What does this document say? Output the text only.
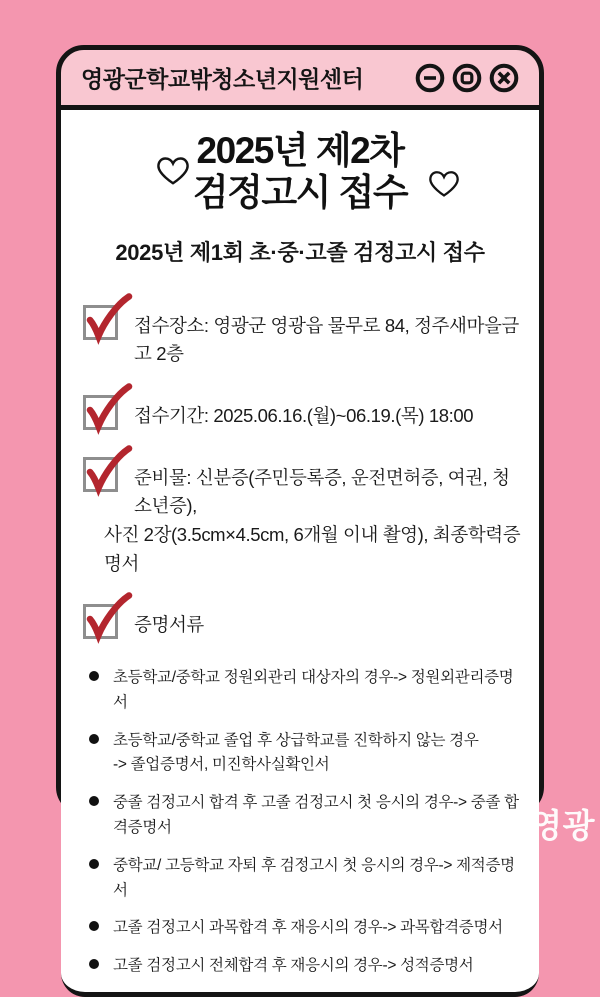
영광군학교밖청소년지원센터
2025년 제2차
검정고시 접수
2025년 제1회 초·중·고졸 검정고시 접수
접수장소: 영광군 영광읍 물무로 84, 정주새마을금고 2층
접수기간: 2025.06.16.(월)~06.19.(목) 18:00
준비물: 신분증(주민등록증, 운전면허증, 여권, 청소년증),
사진 2장(3.5cm×4.5cm, 6개월 이내 촬영), 최종학력증명서
증명서류
초등학교/중학교 정원외관리 대상자의 경우-> 정원외관리증명서
초등학교/중학교 졸업 후 상급학교를 진학하지 않는 경우
-> 졸업증명서, 미진학사실확인서
중졸 검정고시 합격 후 고졸 검정고시 첫 응시의 경우-> 중졸 합격증명서
중학교/ 고등학교 자퇴 후 검정고시 첫 응시의 경우-> 제적증명서
고졸 검정고시 과목합격 후 재응시의 경우-> 과목합격증명서
고졸 검정고시 전체합격 후 재응시의 경우-> 성적증명서
어바웃영광
